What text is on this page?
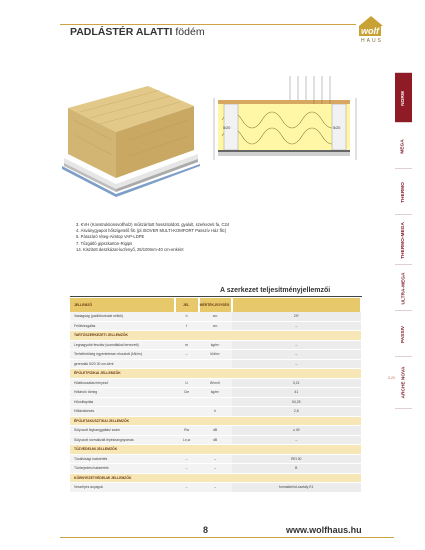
PADLÁSTÉR ALATTI födém	wolf
HAUS
NORM
MEGA
THERMO
THERMO-MEGA
ULTRA-MEGA
PASSIV
ARCHE NOVA
5/20	5/20
3. KVH (Konstruktionsvollholz) műszárított hosszitoldott, gyalult, szerkezeti fa, C24
4. Ásványgyapot hőszigetelő filc (pl.ISOVER MULTI-KOMFORT Passzív Ház filc)
5. Párazáró réteg-Airstop VAP-LDPE
7. Tűzgátló gipszkarton-Rigips
14. Kiszitott deszkázat-lucfenyő, 25/100mm-40 cm-enként
A szerkezet teljesítményjellemzői
JELLEMZŐ	JEL	MÉRTÉK-EGYSÉG	
Vastagság (padlóburkolat nélkül)	h	cm	23*
Felülvizsgálás	f	cm	–
TARTÓSZERKEZETI JELLEMZŐK			
Legnagyobb fesztáv (szarufákkal tervezett)	m	kg/m²	–
Terhelhetőség egyenletesen elosztott (kN/m²)	–	kN/m²	–
gerendák 5/20 30 cm-ként			–
ÉPÜLETFIZIKAI JELLEMZŐK			
Hőátbocsátási tényező	U	W/m²K	0,21
Hőtároló tömeg	Cm	kg/m²	41
Hőcsillapítás			54,25
Hőfáziskésés		h	2,8
ÉPÜLETAKUSZTIKAI JELLEMZŐK			
Súlyozott léghanggátlási szám	Rw	dB	≥ 49
Súlyozott normalizált lépéshangnyomás	Ln,w	dB	–
TŰZVÉDELMI JELLEMZŐK			
Tűzállósági határérték	–	–	REI 30
Tűzterjedési határérték	–	–	B
KÖRNYEZETVÉDELMI JELLEMZŐK			
Veszélyes anyagok	–	–	formaldehid-osztály E1
0,20
8	www.wolfhaus.hu
